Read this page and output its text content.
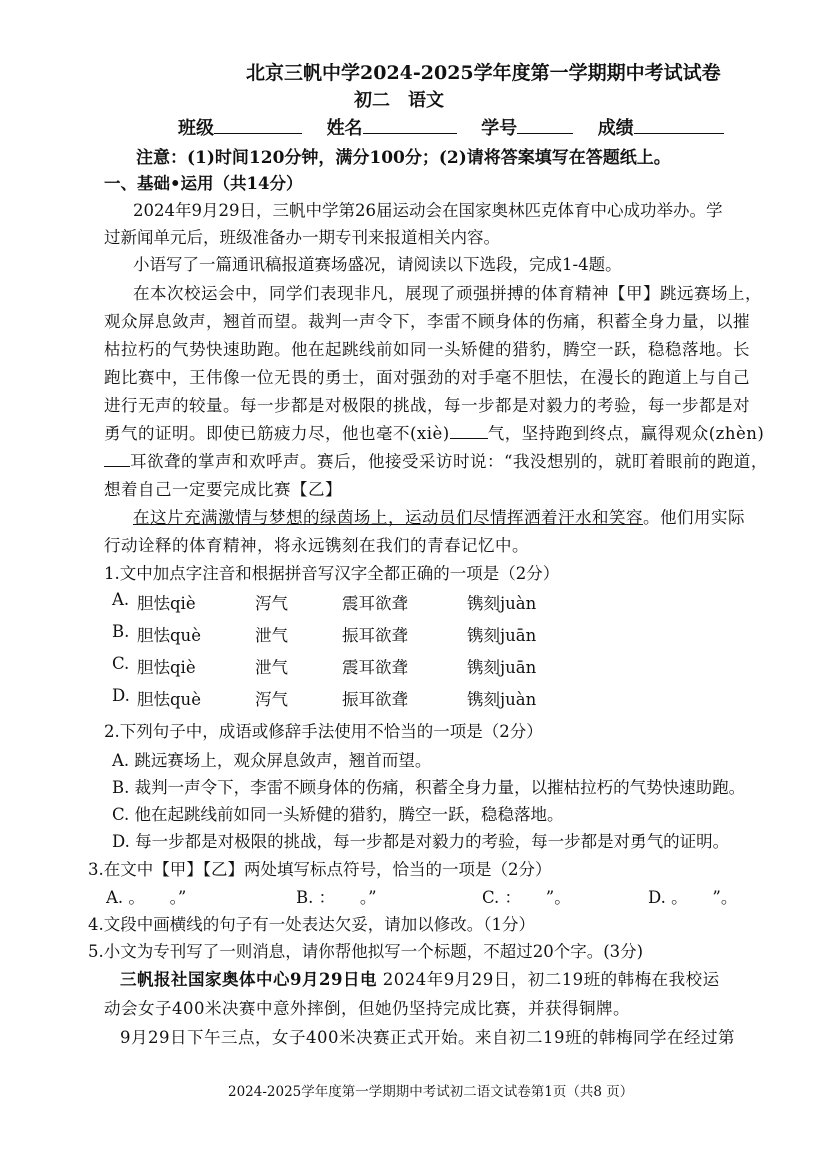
北京三帆中学2024-2025学年度第一学期期中考试试卷
初二　语文
班级	姓名	学号	成绩
注意：(1)时间120分钟，满分100分；(2)请将答案填写在答题纸上。
一、基础•运用（共14分）
2024年9月29日，三帆中学第26届运动会在国家奥林匹克体育中心成功举办。学
过新闻单元后，班级准备办一期专刊来报道相关内容。
小语写了一篇通讯稿报道赛场盛况，请阅读以下选段，完成1-4题。
在本次校运会中，同学们表现非凡，展现了顽强拼搏的体育精神【甲】跳远赛场上，
观众屏息敛声，翘首而望。裁判一声令下，李雷不顾身体的伤痛，积蓄全身力量，以摧
枯拉朽的气势快速助跑。他在起跳线前如同一头矫健的猎豹，腾空一跃，稳稳落地。长
跑比赛中，王伟像一位无畏的勇士，面对强劲的对手毫不胆怯，在漫长的跑道上与自己
进行无声的较量。每一步都是对极限的挑战，每一步都是对毅力的考验，每一步都是对
勇气的证明。即使已筋疲力尽，他也毫不(xiè) 气，坚持跑到终点，赢得观众(zhèn)
耳欲聋的掌声和欢呼声。赛后，他接受采访时说：“我没想别的，就盯着眼前的跑道，
想着自己一定要完成比赛【乙】
在这片充满激情与梦想的绿茵场上，运动员们尽情挥洒着汗水和笑容。他们用实际
行动诠释的体育精神，将永远镌刻在我们的青春记忆中。
1.文中加点字注音和根据拼音写汉字全都正确的一项是（2分）
A. 胆怯qiè	泻气	震耳欲聋	镌刻juàn
B. 胆怯què	泄气	振耳欲聋	镌刻juān
C. 胆怯qiè	泄气	震耳欲聋	镌刻juān
D. 胆怯què	泻气	振耳欲聋	镌刻juàn
2.下列句子中，成语或修辞手法使用不恰当的一项是（2分）
A. 跳远赛场上，观众屏息敛声，翘首而望。
B. 裁判一声令下，李雷不顾身体的伤痛，积蓄全身力量，以摧枯拉朽的气势快速助跑。
C. 他在起跳线前如同一头矫健的猎豹，腾空一跃，稳稳落地。
D. 每一步都是对极限的挑战，每一步都是对毅力的考验，每一步都是对勇气的证明。
3.在文中【甲】【乙】两处填写标点符号，恰当的一项是（2分）
A. 。　　。”	B. ：　　。”	C. ：　　”。	D. 。　　”。
4.文段中画横线的句子有一处表达欠妥，请加以修改。（1分）
5.小文为专刊写了一则消息，请你帮他拟写一个标题，不超过20个字。(3分)
三帆报社国家奥体中心9月29日电 2024年9月29日，初二19班的韩梅在我校运
动会女子400米决赛中意外摔倒，但她仍坚持完成比赛，并获得铜牌。
9月29日下午三点，女子400米决赛正式开始。来自初二19班的韩梅同学在经过第
2024-2025学年度第一学期期中考试初二语文试卷第1页（共8 页）
